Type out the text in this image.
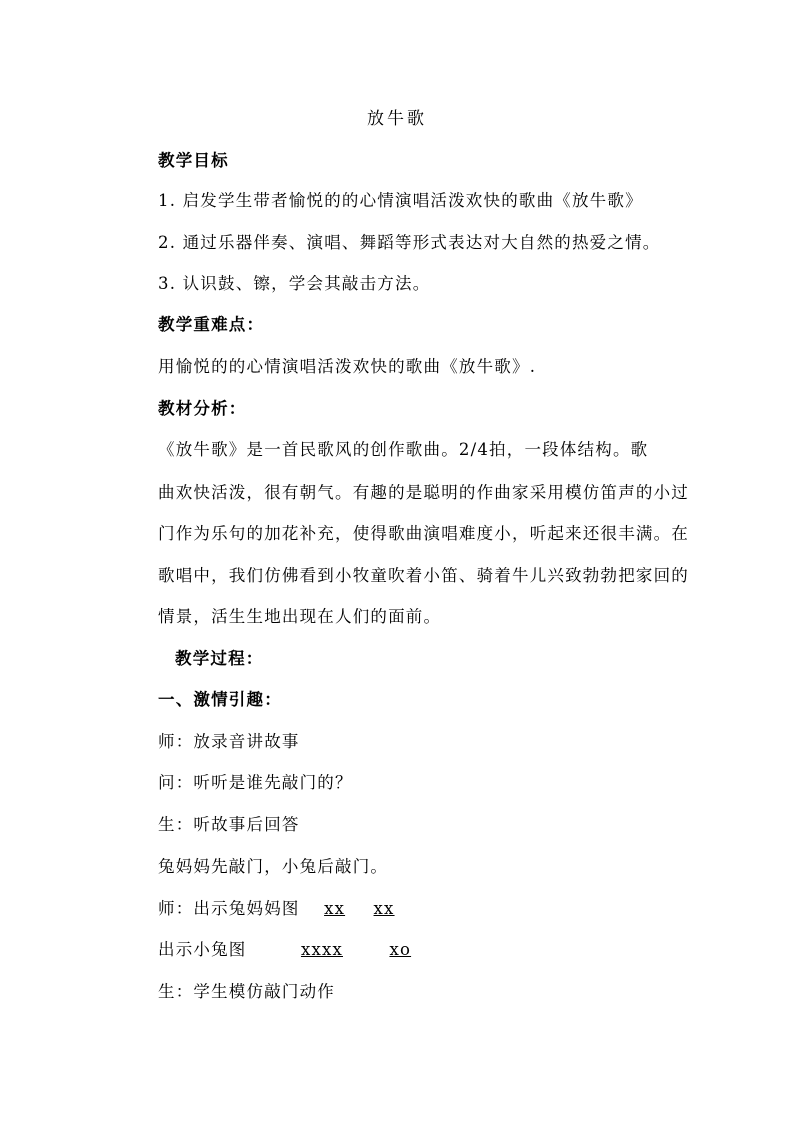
放牛歌
教学目标
1. 启发学生带者愉悦的的心情演唱活泼欢快的歌曲《放牛歌》
2. 通过乐器伴奏、演唱、舞蹈等形式表达对大自然的热爱之情。
3. 认识鼓、镲，学会其敲击方法。
教学重难点：
用愉悦的的心情演唱活泼欢快的歌曲《放牛歌》.
教材分析：
《放牛歌》是一首民歌风的创作歌曲。2/4拍，一段体结构。歌
曲欢快活泼，很有朝气。有趣的是聪明的作曲家采用模仿笛声的小过
门作为乐句的加花补充，使得歌曲演唱难度小，听起来还很丰满。在
歌唱中，我们仿佛看到小牧童吹着小笛、骑着牛儿兴致勃勃把家回的
情景，活生生地出现在人们的面前。
教学过程：
一、激情引趣：
师：放录音讲故事
问：听听是谁先敲门的？
生：听故事后回答
兔妈妈先敲门，小兔后敲门。
师：出示兔妈妈图 xx xx
出示小兔图	xxxx	xo
生：学生模仿敲门动作
